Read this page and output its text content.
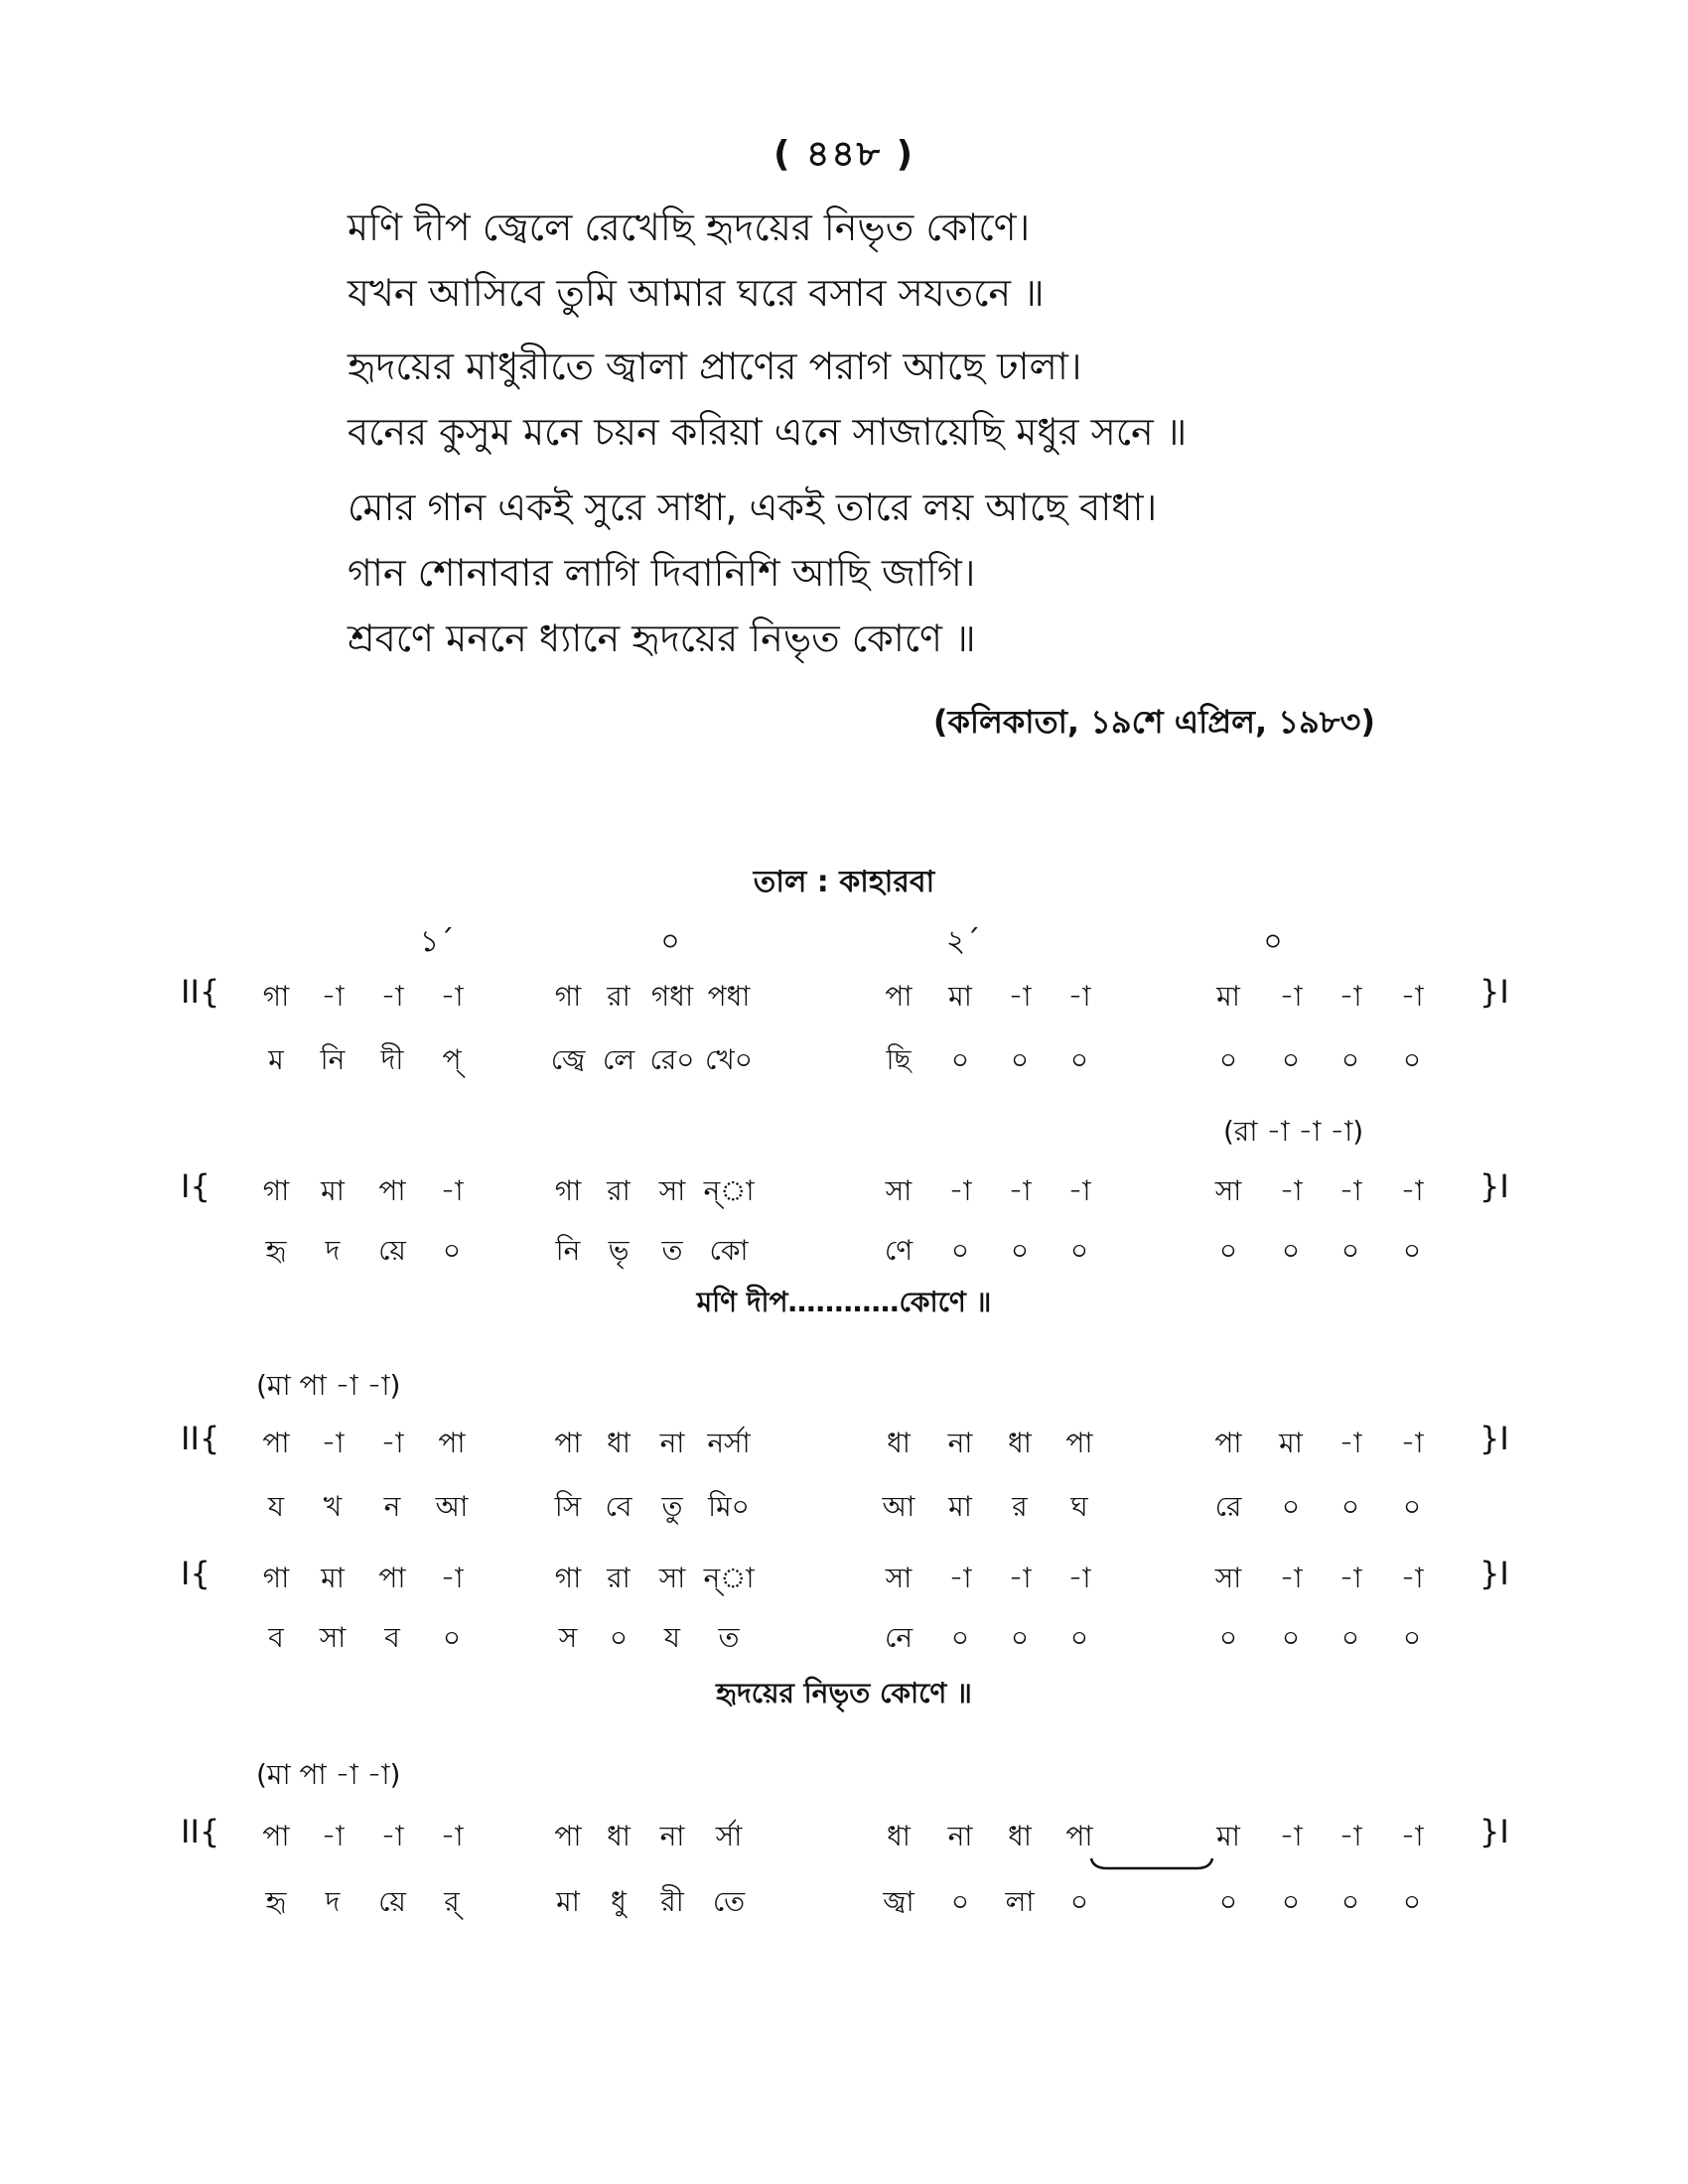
( ৪৪৮ )
মণি দীপ জ্বেলে রেখেছি হৃদয়ের নিভৃত কোণে।
যখন আসিবে তুমি আমার ঘরে বসাব সযতনে ॥
হৃদয়ের মাধুরীতে জ্বালা প্রাণের পরাগ আছে ঢালা।
বনের কুসুম মনে চয়ন করিয়া এনে সাজায়েছি মধুর সনে ॥
মোর গান একই সুরে সাধা, একই তারে লয় আছে বাধা।
গান শোনাবার লাগি দিবানিশি আছি জাগি।
শ্রবণে মননে ধ্যানে হৃদয়ের নিভৃত কোণে ॥
(কলিকাতা, ১৯শে এপ্রিল, ১৯৮৩)
তাল : কাহারবা
১´	০	২´	০
II{	}I
গা -া -া -া	গা রা গধা পধা	পা মা -া -া	মা -া -া -া
ম নি দী প্	জ্বে লে রে০ খে০	ছি ০ ০ ০	০ ০ ০ ০
(রা -া -া -া)
I{	}I
গা মা পা -া	গা রা সা ন্া	সা -া -া -া	সা -া -া -া
হৃ দ য়ে ০	নি ভৃ ত কো	ণে ০ ০ ০	০ ০ ০ ০
মণি দীপ…………কোণে ॥
(মা পা -া -া)
II{	}I
পা -া -া পা	পা ধা না নর্সা	ধা না ধা পা	পা মা -া -া
য খ ন আ	সি বে তু মি০	আ মা র ঘ	রে ০ ০ ০
I{	}I
গা মা পা -া	গা রা সা ন্া	সা -া -া -া	সা -া -া -া
ব সা ব ০	স ০ য ত	নে ০ ০ ০	০ ০ ০ ০
হৃদয়ের নিভৃত কোণে ॥
(মা পা -া -া)
II{	}I
পা -া -া -া	পা ধা না র্সা	ধা না ধা পা	মা -া -া -া
হৃ দ য়ে র্	মা ধু রী তে	জ্বা ০ লা ০	০ ০ ০ ০
